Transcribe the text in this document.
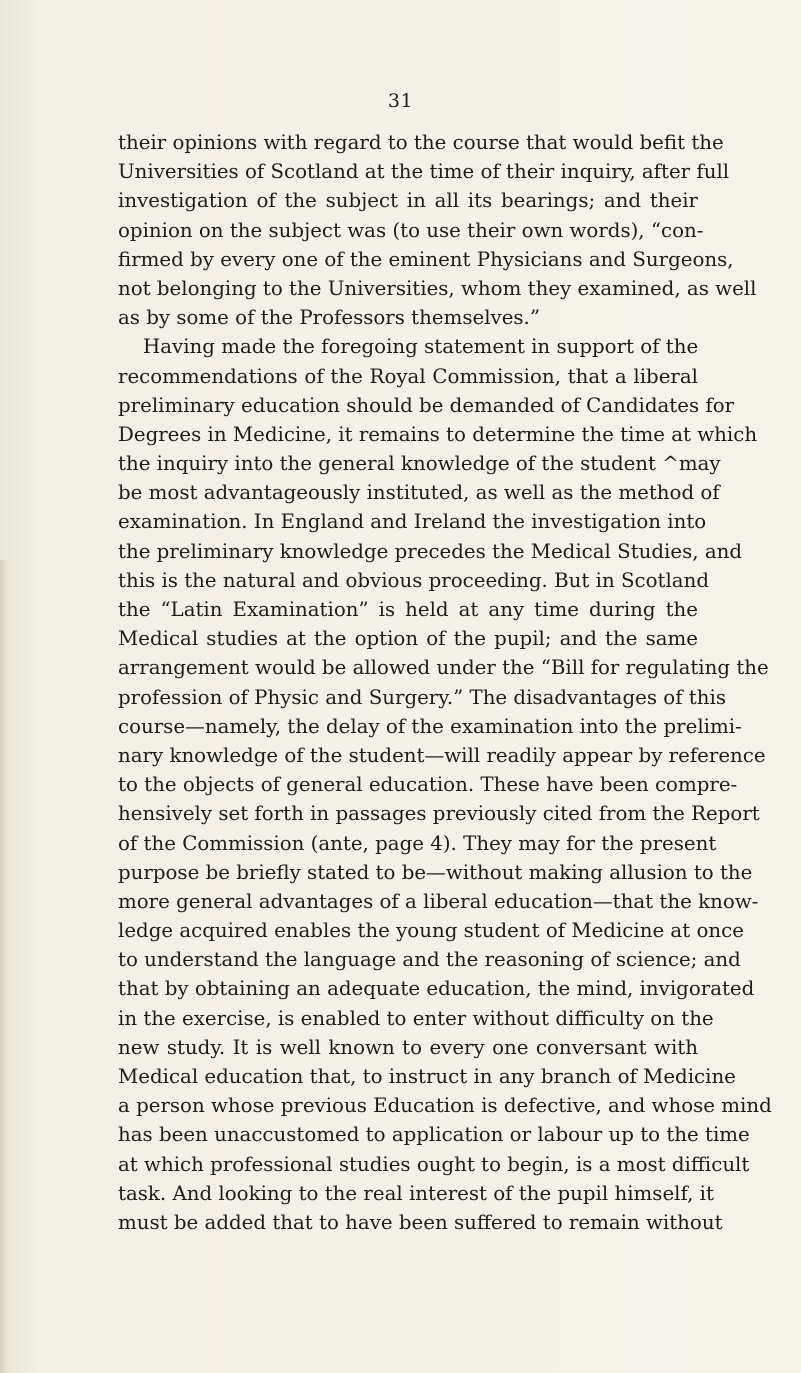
31
their opinions with regard to the course that would befit the
Universities of Scotland at the time of their inquiry, after full
investigation of the subject in all its bearings; and their
opinion on the subject was (to use their own words), “con-
firmed by every one of the eminent Physicians and Surgeons,
not belonging to the Universities, whom they examined, as well
as by some of the Professors themselves.”
Having made the foregoing statement in support of the
recommendations of the Royal Commission, that a liberal
preliminary education should be demanded of Candidates for
Degrees in Medicine, it remains to determine the time at which
the inquiry into the general knowledge of the student ^may
be most advantageously instituted, as well as the method of
examination. In England and Ireland the investigation into
the preliminary knowledge precedes the Medical Studies, and
this is the natural and obvious proceeding. But in Scotland
the “Latin Examination” is held at any time during the
Medical studies at the option of the pupil; and the same
arrangement would be allowed under the “Bill for regulating the
profession of Physic and Surgery.” The disadvantages of this
course—namely, the delay of the examination into the prelimi-
nary knowledge of the student—will readily appear by reference
to the objects of general education. These have been compre-
hensively set forth in passages previously cited from the Report
of the Commission (ante, page 4). They may for the present
purpose be briefly stated to be—without making allusion to the
more general advantages of a liberal education—that the know-
ledge acquired enables the young student of Medicine at once
to understand the language and the reasoning of science; and
that by obtaining an adequate education, the mind, invigorated
in the exercise, is enabled to enter without difficulty on the
new study. It is well known to every one conversant with
Medical education that, to instruct in any branch of Medicine
a person whose previous Education is defective, and whose mind
has been unaccustomed to application or labour up to the time
at which professional studies ought to begin, is a most difficult
task. And looking to the real interest of the pupil himself, it
must be added that to have been suffered to remain without
